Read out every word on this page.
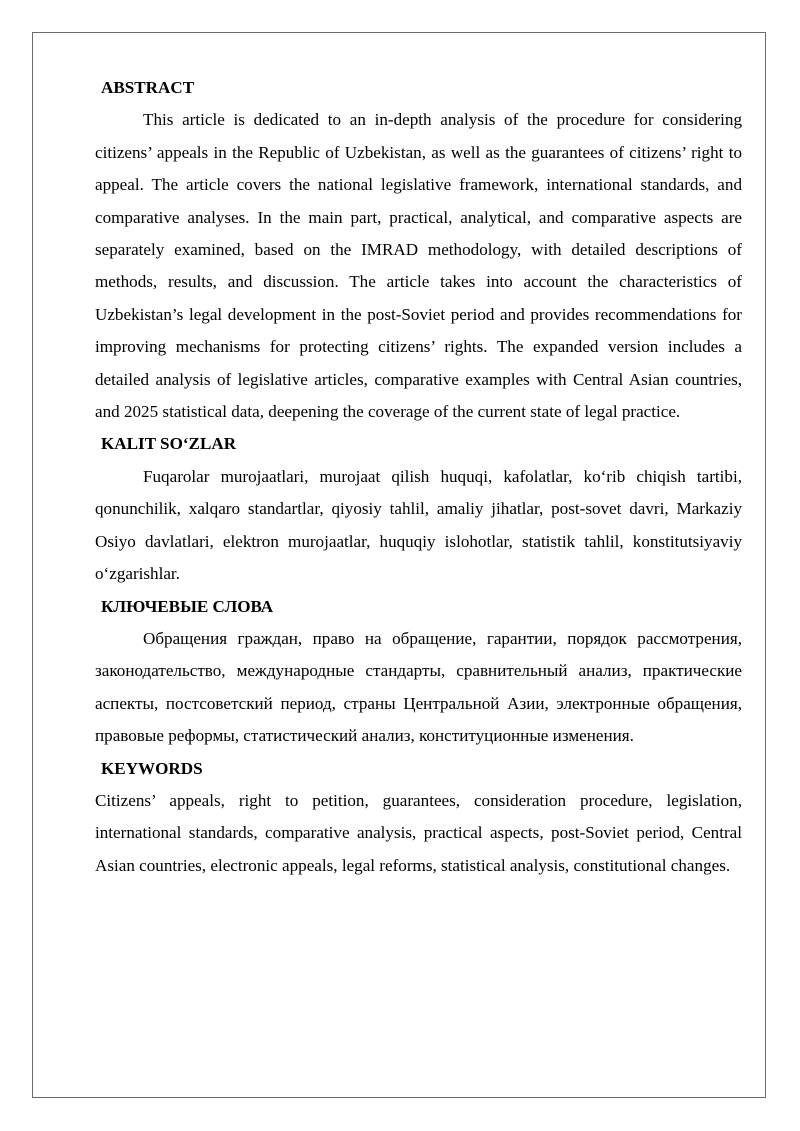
ABSTRACT

This article is dedicated to an in-depth analysis of the procedure for considering citizens’ appeals in the Republic of Uzbekistan, as well as the guarantees of citizens’ right to appeal. The article covers the national legislative framework, international standards, and comparative analyses. In the main part, practical, analytical, and comparative aspects are separately examined, based on the IMRAD methodology, with detailed descriptions of methods, results, and discussion. The article takes into account the characteristics of Uzbekistan’s legal development in the post-Soviet period and provides recommendations for improving mechanisms for protecting citizens’ rights. The expanded version includes a detailed analysis of legislative articles, comparative examples with Central Asian countries, and 2025 statistical data, deepening the coverage of the current state of legal practice.

KALIT SO‘ZLAR

Fuqarolar murojaatlari, murojaat qilish huquqi, kafolatlar, ko‘rib chiqish tartibi, qonunchilik, xalqaro standartlar, qiyosiy tahlil, amaliy jihatlar, post-sovet davri, Markaziy Osiyo davlatlari, elektron murojaatlar, huquqiy islohotlar, statistik tahlil, konstitutsiyaviy o‘zgarishlar.

КЛЮЧЕВЫЕ СЛОВА

Обращения граждан, право на обращение, гарантии, порядок рассмотрения, законодательство, международные стандарты, сравнительный анализ, практические аспекты, постсоветский период, страны Центральной Азии, электронные обращения, правовые реформы, статистический анализ, конституционные изменения.

KEYWORDS

Citizens’ appeals, right to petition, guarantees, consideration procedure, legislation, international standards, comparative analysis, practical aspects, post-Soviet period, Central Asian countries, electronic appeals, legal reforms, statistical analysis, constitutional changes.
